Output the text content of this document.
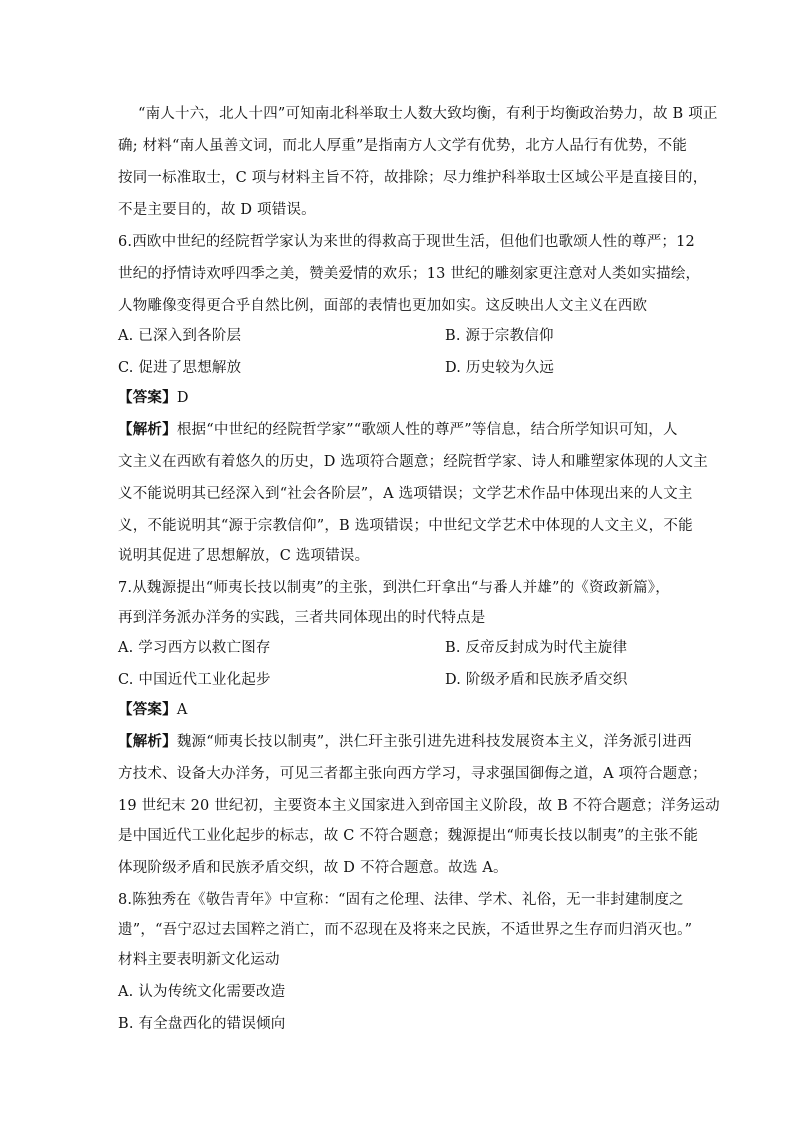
“南人十六，北人十四”可知南北科举取士人数大致均衡，有利于均衡政治势力，故 B 项正
确; 材料“南人虽善文词，而北人厚重”是指南方人文学有优势，北方人品行有优势，不能
按同一标准取士，C 项与材料主旨不符，故排除；尽力维护科举取士区域公平是直接目的，
不是主要目的，故 D 项错误。
6.西欧中世纪的经院哲学家认为来世的得救高于现世生活，但他们也歌颂人性的尊严；12
世纪的抒情诗欢呼四季之美，赞美爱情的欢乐；13 世纪的雕刻家更注意对人类如实描绘，
人物雕像变得更合乎自然比例，面部的表情也更加如实。这反映出人文主义在西欧
A. 已深入到各阶层	B. 源于宗教信仰
C. 促进了思想解放	D. 历史较为久远
【答案】D
【解析】根据“中世纪的经院哲学家”“歌颂人性的尊严”等信息，结合所学知识可知，人
文主义在西欧有着悠久的历史，D 选项符合题意；经院哲学家、诗人和雕塑家体现的人文主
义不能说明其已经深入到“社会各阶层”，A 选项错误；文学艺术作品中体现出来的人文主
义，不能说明其“源于宗教信仰”，B 选项错误；中世纪文学艺术中体现的人文主义，不能
说明其促进了思想解放，C 选项错误。
7.从魏源提出“师夷长技以制夷”的主张，到洪仁玕拿出“与番人并雄”的《资政新篇》，
再到洋务派办洋务的实践，三者共同体现出的时代特点是
A. 学习西方以救亡图存	B. 反帝反封成为时代主旋律
C. 中国近代工业化起步	D. 阶级矛盾和民族矛盾交织
【答案】A
【解析】魏源“师夷长技以制夷”，洪仁玕主张引进先进科技发展资本主义，洋务派引进西
方技术、设备大办洋务，可见三者都主张向西方学习，寻求强国御侮之道，A 项符合题意；
19 世纪末 20 世纪初，主要资本主义国家进入到帝国主义阶段，故 B 不符合题意；洋务运动
是中国近代工业化起步的标志，故 C 不符合题意；魏源提出“师夷长技以制夷”的主张不能
体现阶级矛盾和民族矛盾交织，故 D 不符合题意。故选 A。
8.陈独秀在《敬告青年》中宣称：“固有之伦理、法律、学术、礼俗，无一非封建制度之
遗”，“吾宁忍过去国粹之消亡，而不忍现在及将来之民族，不适世界之生存而归消灭也。”
材料主要表明新文化运动
A. 认为传统文化需要改造
B. 有全盘西化的错误倾向
